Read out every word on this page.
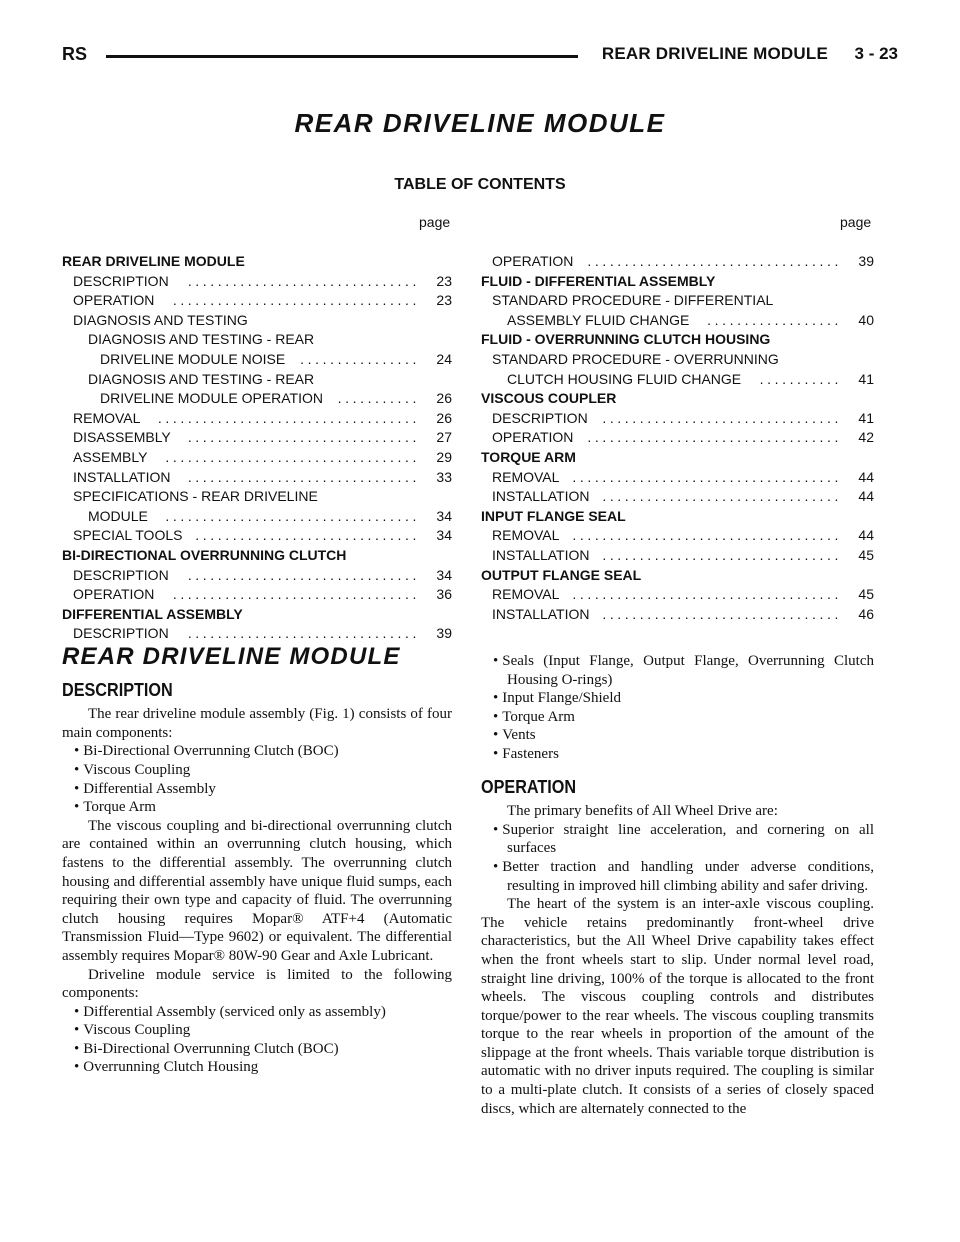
RS	REAR DRIVELINE MODULE 3 - 23
REAR DRIVELINE MODULE
TABLE OF CONTENTS
page	page
REAR DRIVELINE MODULE
DESCRIPTION	23
...............................
OPERATION	23
.................................
DIAGNOSIS AND TESTING
DIAGNOSIS AND TESTING - REAR
DRIVELINE MODULE NOISE	24
................
DIAGNOSIS AND TESTING - REAR
DRIVELINE MODULE OPERATION	26
...........
REMOVAL	26
...................................
DISASSEMBLY	27
...............................
ASSEMBLY	29
..................................
INSTALLATION	33
...............................
SPECIFICATIONS - REAR DRIVELINE
MODULE	34
..................................
SPECIAL TOOLS	34
..............................
BI-DIRECTIONAL OVERRUNNING CLUTCH
DESCRIPTION	34
...............................
OPERATION	36
.................................
DIFFERENTIAL ASSEMBLY
DESCRIPTION	39
...............................
OPERATION	39
..................................
FLUID - DIFFERENTIAL ASSEMBLY
STANDARD PROCEDURE - DIFFERENTIAL
ASSEMBLY FLUID CHANGE	40
..................
FLUID - OVERRUNNING CLUTCH HOUSING
STANDARD PROCEDURE - OVERRUNNING
CLUTCH HOUSING FLUID CHANGE	41
...........
VISCOUS COUPLER
DESCRIPTION	41
................................
OPERATION	42
..................................
TORQUE ARM
REMOVAL	44
....................................
INSTALLATION	44
................................
INPUT FLANGE SEAL
REMOVAL	44
....................................
INSTALLATION	45
................................
OUTPUT FLANGE SEAL
REMOVAL	45
....................................
INSTALLATION	46
................................
REAR DRIVELINE MODULE
DESCRIPTION

The rear driveline module assembly (Fig. 1) consists of four main components:

• Bi-Directional Overrunning Clutch (BOC)

• Viscous Coupling

• Differential Assembly

• Torque Arm

The viscous coupling and bi-directional overrunning clutch are contained within an overrunning clutch housing, which fastens to the differential assembly. The overrunning clutch housing and differential assembly have unique fluid sumps, each requiring their own type and capacity of fluid. The overrunning clutch housing requires Mopar® ATF+4 (Automatic Transmission Fluid—Type 9602) or equivalent. The differential assembly requires Mopar® 80W-90 Gear and Axle Lubricant.

Driveline module service is limited to the following components:

• Differential Assembly (serviced only as assembly)

• Viscous Coupling

• Bi-Directional Overrunning Clutch (BOC)

• Overrunning Clutch Housing

• Seals (Input Flange, Output Flange, Overrunning Clutch Housing O-rings)

• Input Flange/Shield

• Torque Arm

• Vents

• Fasteners

OPERATION

The primary benefits of All Wheel Drive are:

• Superior straight line acceleration, and cornering on all surfaces

• Better traction and handling under adverse conditions, resulting in improved hill climbing ability and safer driving.

The heart of the system is an inter-axle viscous coupling. The vehicle retains predominantly front-wheel drive characteristics, but the All Wheel Drive capability takes effect when the front wheels start to slip. Under normal level road, straight line driving, 100% of the torque is allocated to the front wheels. The viscous coupling controls and distributes torque/power to the rear wheels. The viscous coupling transmits torque to the rear wheels in proportion of the amount of the slippage at the front wheels. Thais variable torque distribution is automatic with no driver inputs required. The coupling is similar to a multi-plate clutch. It consists of a series of closely spaced discs, which are alternately connected to the
